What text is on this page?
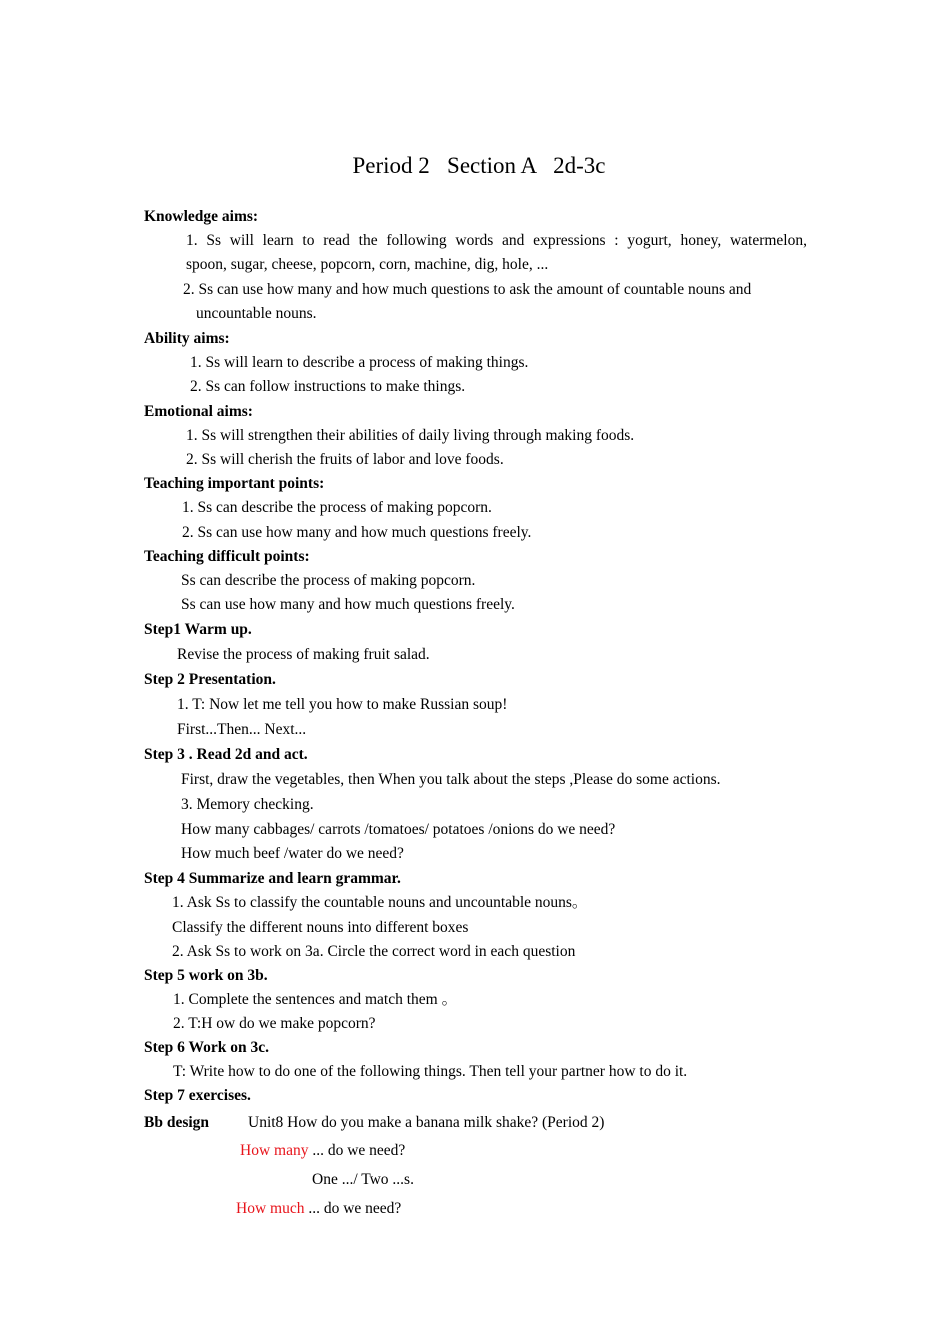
Period 2   Section A   2d-3c
Knowledge aims:
1. Ss will learn to read the following words and expressions : yogurt, honey, watermelon,
spoon, sugar, cheese, popcorn, corn, machine, dig, hole, ...
2. Ss can use how many and how much questions to ask the amount of countable nouns and
uncountable nouns.
Ability aims:
1. Ss will learn to describe a process of making things.
2. Ss can follow instructions to make things.
Emotional aims:
1. Ss will strengthen their abilities of daily living through making foods.
2. Ss will cherish the fruits of labor and love foods.
Teaching important points:
1. Ss can describe the process of making popcorn.
2. Ss can use how many and how much questions freely.
Teaching difficult points:
Ss can describe the process of making popcorn.
Ss can use how many and how much questions freely.
Step1 Warm up.
Revise the process of making fruit salad.
Step 2 Presentation.
1. T: Now let me tell you how to make Russian soup!
First...Then... Next...
Step 3 . Read 2d and act.
First, draw the vegetables, then When you talk about the steps ,Please do some actions.
3. Memory checking.
How many cabbages/ carrots /tomatoes/ potatoes /onions do we need?
How much beef /water do we need?
Step 4 Summarize and learn grammar.
1. Ask Ss to classify the countable nouns and uncountable nouns。
Classify the different nouns into different boxes
2. Ask Ss to work on 3a. Circle the correct word in each question
Step 5 work on 3b.
1. Complete the sentences and match them 。
2. T:H ow do we make popcorn?
Step 6 Work on 3c.
T: Write how to do one of the following things. Then tell your partner how to do it.
Step 7 exercises.
Bb design	Unit8 How do you make a banana milk shake? (Period 2)
How many ... do we need?
One .../ Two ...s.
How much ... do we need?
